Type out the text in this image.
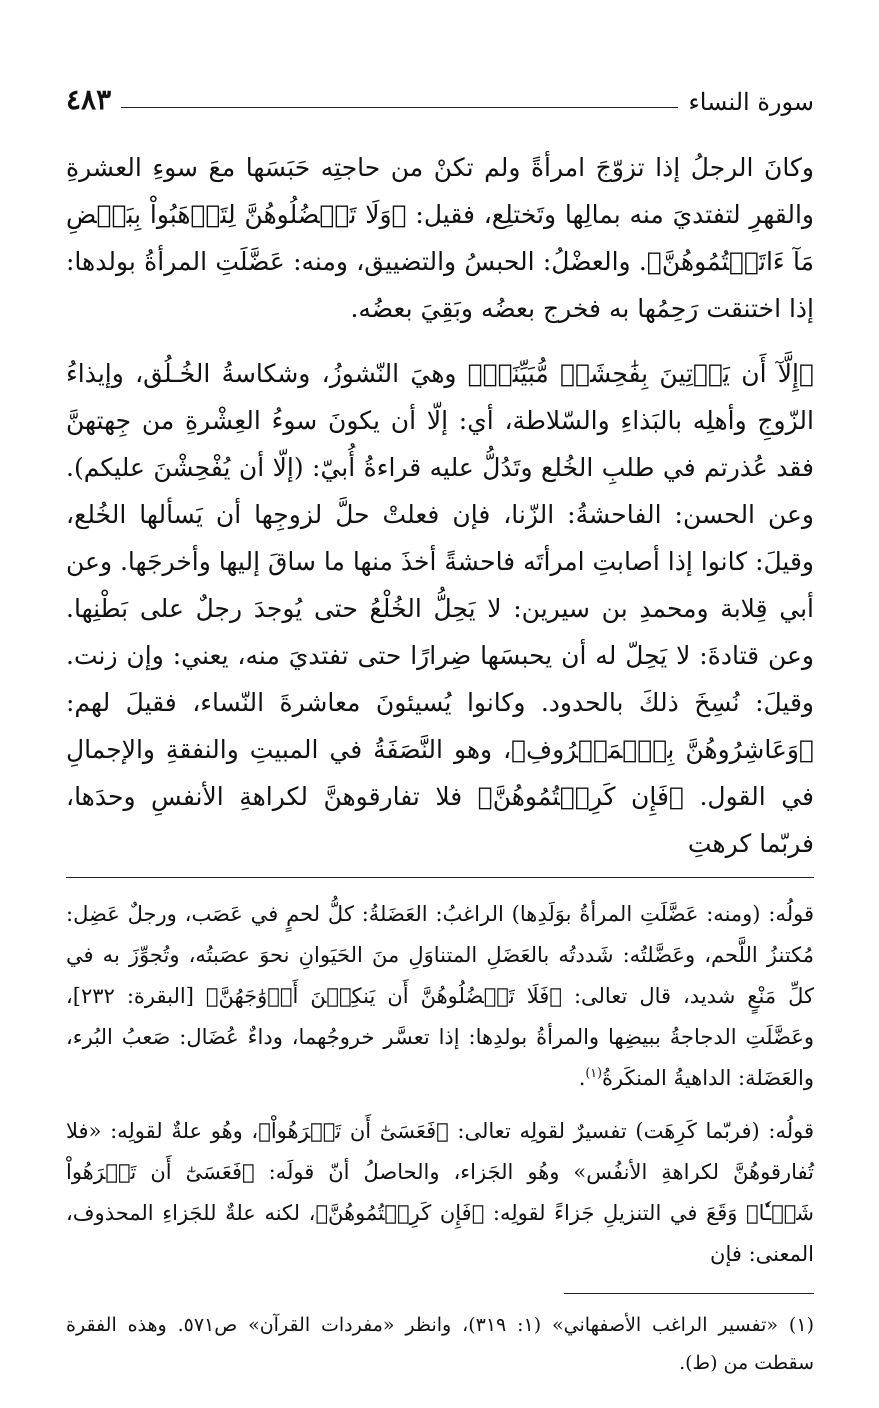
سورة النساء
٤٨٣

وكانَ الرجلُ إذا تزوّجَ امرأةً ولم تكنْ من حاجتِه حَبَسَها معَ سوءِ العشرةِ والقهرِ لتفتديَ منه بمالِها وتَختلِع، فقيل: ﴿وَلَا تَعۡضُلُوهُنَّ لِتَذۡهَبُواْ بِبَعۡضِ مَآ ءَاتَيۡتُمُوهُنَّ﴾. والعضْلُ: الحبسُ والتضييق، ومنه: عَضَّلَتِ المرأةُ بولدها: إذا اختنقت رَحِمُها به فخرج بعضُه وبَقِيَ بعضُه.

﴿إِلَّآ أَن يَأۡتِينَ بِفَٰحِشَةٖ مُّبَيِّنَةٖ﴾ وهيَ النّشوزُ، وشكاسةُ الخُـلُق، وإيذاءُ الزّوجِ وأهلِه بالبَذاءِ والسّلاطة، أي: إلّا أن يكونَ سوءُ العِشْرةِ من جِهتهنَّ فقد عُذرتم في طلبِ الخُلع وتَدُلُّ عليه قراءةُ أُبيّ: (إلّا أن يُفْحِشْنَ عليكم). وعن الحسن: الفاحشةُ: الزّنا، فإن فعلتْ حلَّ لزوجِها أن يَسألها الخُلع، وقيلَ: كانوا إذا أصابتِ امرأتَه فاحشةً أخذَ منها ما ساقَ إليها وأخرجَها. وعن أبي قِلابة ومحمدِ بن سيرين: لا يَحِلُّ الخُلْعُ حتى يُوجدَ رجلٌ على بَطْنِها. وعن قتادةَ: لا يَحِلّ له أن يحبسَها ضِرارًا حتى تفتديَ منه، يعني: وإن زنت. وقيلَ: نُسِخَ ذلكَ بالحدود. وكانوا يُسيئونَ معاشرةَ النّساء، فقيلَ لهم: ﴿وَعَاشِرُوهُنَّ بِٱلۡمَعۡرُوفِ﴾، وهو النَّصَفَةُ في المبيتِ والنفقةِ والإجمالِ في القول. ﴿فَإِن كَرِهۡتُمُوهُنَّ﴾ فلا تفارقوهنَّ لكراهةِ الأنفسِ وحدَها، فربّما كرهتِ

قولُه: (ومنه: عَضَّلَتِ المرأةُ بوَلَدِها) الراغبُ: العَضَلةُ: كلُّ لحمٍ في عَصَب، ورجلٌ عَضِل: مُكتنزُ اللَّحم، وعَضَّلتُه: شَددتُه بالعَضَلِ المتناوَلِ منَ الحَيَوانِ نحوَ عصَبتُه، وتُجوِّزَ به في كلِّ مَنْعٍ شديد، قال تعالى: ﴿فَلَا تَعۡضُلُوهُنَّ أَن يَنكِحۡنَ أَزۡوَٰجَهُنَّ﴾ [البقرة: ٢٣٢]، وعَضَّلَتِ الدجاجةُ ببيضِها والمرأةُ بولدِها: إذا تعسَّر خروجُهما، وداءٌ عُضَال: صَعبُ البُرء، والعَضَلة: الداهيةُ المنكَرةُ$^{(١)}$.

قولُه: (فربّما كَرِهَت) تفسيرٌ لقولِه تعالى: ﴿فَعَسَىٰٓ أَن تَكۡرَهُواْ﴾، وهُو علةٌ لقولِه: «فلا تُفارقوهُنَّ لكراهةِ الأنفُس» وهُو الجَزاء، والحاصلُ أنّ قولَه: ﴿فَعَسَىٰٓ أَن تَكۡرَهُواْ شَيۡـٔٗا﴾ وَقَعَ في التنزيلِ جَزاءً لقولِه: ﴿فَإِن كَرِهۡتُمُوهُنَّ﴾، لكنه علةٌ للجَزاءِ المحذوف، المعنى: فإن

(١) «تفسير الراغب الأصفهاني» (١: ٣١٩)، وانظر «مفردات القرآن» ص٥٧١. وهذه الفقرة سقطت من (ط).
